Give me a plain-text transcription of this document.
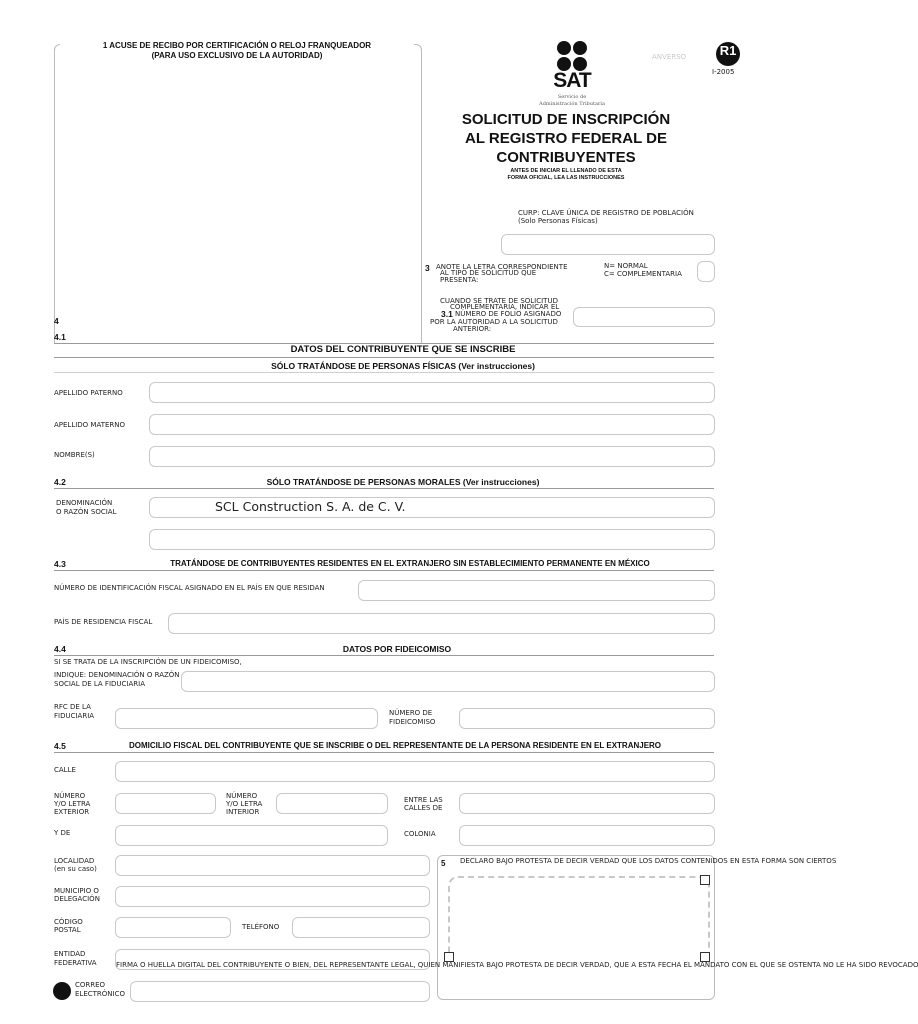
1 ACUSE DE RECIBO POR CERTIFICACIÓN O RELOJ FRANQUEADOR
(PARA USO EXCLUSIVO DE LA AUTORIDAD)
4
4.1
SAT
Servicio de
Administración Tributaria
ANVERSO	R1
I-2005
SOLICITUD DE INSCRIPCIÓN
AL REGISTRO FEDERAL DE
CONTRIBUYENTES
ANTES DE INICIAR EL LLENADO DE ESTA
FORMA OFICIAL, LEA LAS INSTRUCCIONES
CURP: CLAVE ÚNICA DE REGISTRO DE POBLACIÓN
(Solo Personas Físicas)
3 ANOTE LA LETRA CORRESPONDIENTE
AL TIPO DE SOLICITUD QUE
PRESENTA:
N= NORMAL
C= COMPLEMENTARIA
CUANDO SE TRATE DE SOLICITUD
COMPLEMENTARIA, INDICAR EL
3.1 NÚMERO DE FOLIO ASIGNADO
POR LA AUTORIDAD A LA SOLICITUD
ANTERIOR:
DATOS DEL CONTRIBUYENTE QUE SE INSCRIBE
SÓLO TRATÁNDOSE DE PERSONAS FÍSICAS (Ver instrucciones)
APELLIDO PATERNO
APELLIDO MATERNO
NOMBRE(S)
4.2	SÓLO TRATÁNDOSE DE PERSONAS MORALES (Ver instrucciones)
DENOMINACIÓN
O RAZÓN SOCIAL	SCL Construction S. A. de C. V.
4.3	TRATÁNDOSE DE CONTRIBUYENTES RESIDENTES EN EL EXTRANJERO SIN ESTABLECIMIENTO PERMANENTE EN MÉXICO
NÚMERO DE IDENTIFICACIÓN FISCAL ASIGNADO EN EL PAÍS EN QUE RESIDAN
PAÍS DE RESIDENCIA FISCAL
4.4	DATOS POR FIDEICOMISO
SI SE TRATA DE LA INSCRIPCIÓN DE UN FIDEICOMISO,
INDIQUE: DENOMINACIÓN O RAZÓN
SOCIAL DE LA FIDUCIARIA
RFC DE LA
FIDUCIARIA	NÚMERO DE
FIDEICOMISO
4.5	DOMICILIO FISCAL DEL CONTRIBUYENTE QUE SE INSCRIBE O DEL REPRESENTANTE DE LA PERSONA RESIDENTE EN EL EXTRANJERO
CALLE
NÚMERO
Y/O LETRA
EXTERIOR
NÚMERO
Y/O LETRA
INTERIOR
ENTRE LAS
CALLES DE
Y DE	COLONIA
LOCALIDAD
(en su caso)
MUNICIPIO O
DELEGACIÓN
CÓDIGO
POSTAL	TELÉFONO
ENTIDAD
FEDERATIVA
CORREO
ELECTRÓNICO
5 DECLARO BAJO PROTESTA DE DECIR VERDAD QUE LOS DATOS CONTENIDOS EN ESTA FORMA SON CIERTOS
FIRMA O HUELLA DIGITAL DEL CONTRIBUYENTE O BIEN, DEL REPRESENTANTE LEGAL, QUIEN MANIFIESTA BAJO PROTESTA DE DECIR VERDAD, QUE A ESTA FECHA EL MANDATO CON EL QUE SE OSTENTA NO LE HA SIDO REVOCADO
